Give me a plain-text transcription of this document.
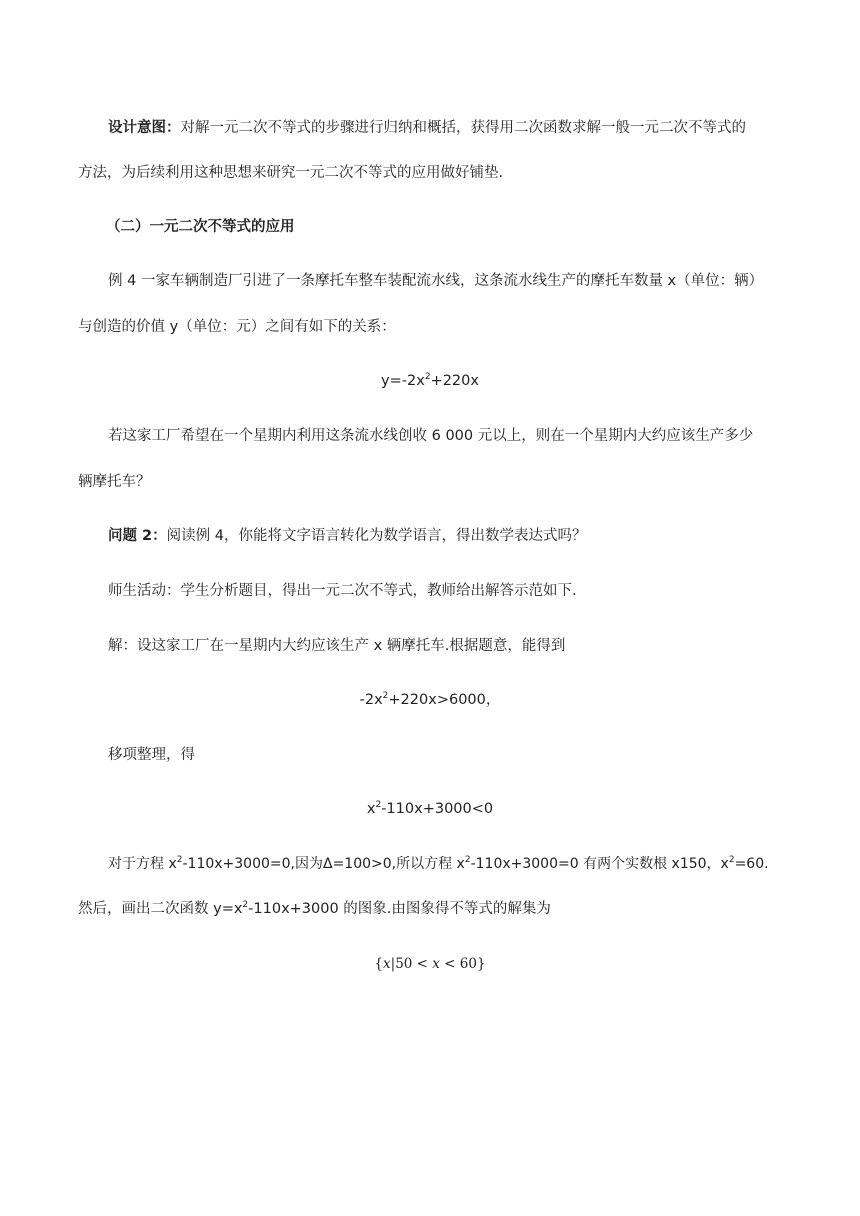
设计意图：对解一元二次不等式的步骤进行归纳和概括，获得用二次函数求解一般一元二次不等式的
方法，为后续利用这种思想来研究一元二次不等式的应用做好铺垫.
（二）一元二次不等式的应用
例 4 一家车辆制造厂引进了一条摩托车整车装配流水线，这条流水线生产的摩托车数量 x（单位：辆）
与创造的价值 y（单位：元）之间有如下的关系：
$y=-2x^2+220x$
若这家工厂希望在一个星期内利用这条流水线创收 6 000 元以上，则在一个星期内大约应该生产多少
辆摩托车？
问题 2：阅读例 4，你能将文字语言转化为数学语言，得出数学表达式吗？
师生活动：学生分析题目，得出一元二次不等式，教师给出解答示范如下.
解：设这家工厂在一星期内大约应该生产 x 辆摩托车.根据题意，能得到
$-2x^2+220x>6000$，
移项整理，得
$x^2-110x+3000<0$
对于方程 $x^2-110x+3000=0$,因为Δ=100>0,所以方程 $x^2-110x+3000=0$ 有两个实数根 x150，$x^2=60$.
然后，画出二次函数 $y=x^2-110x+3000$ 的图象.由图象得不等式的解集为
{x|50 < x < 60}
